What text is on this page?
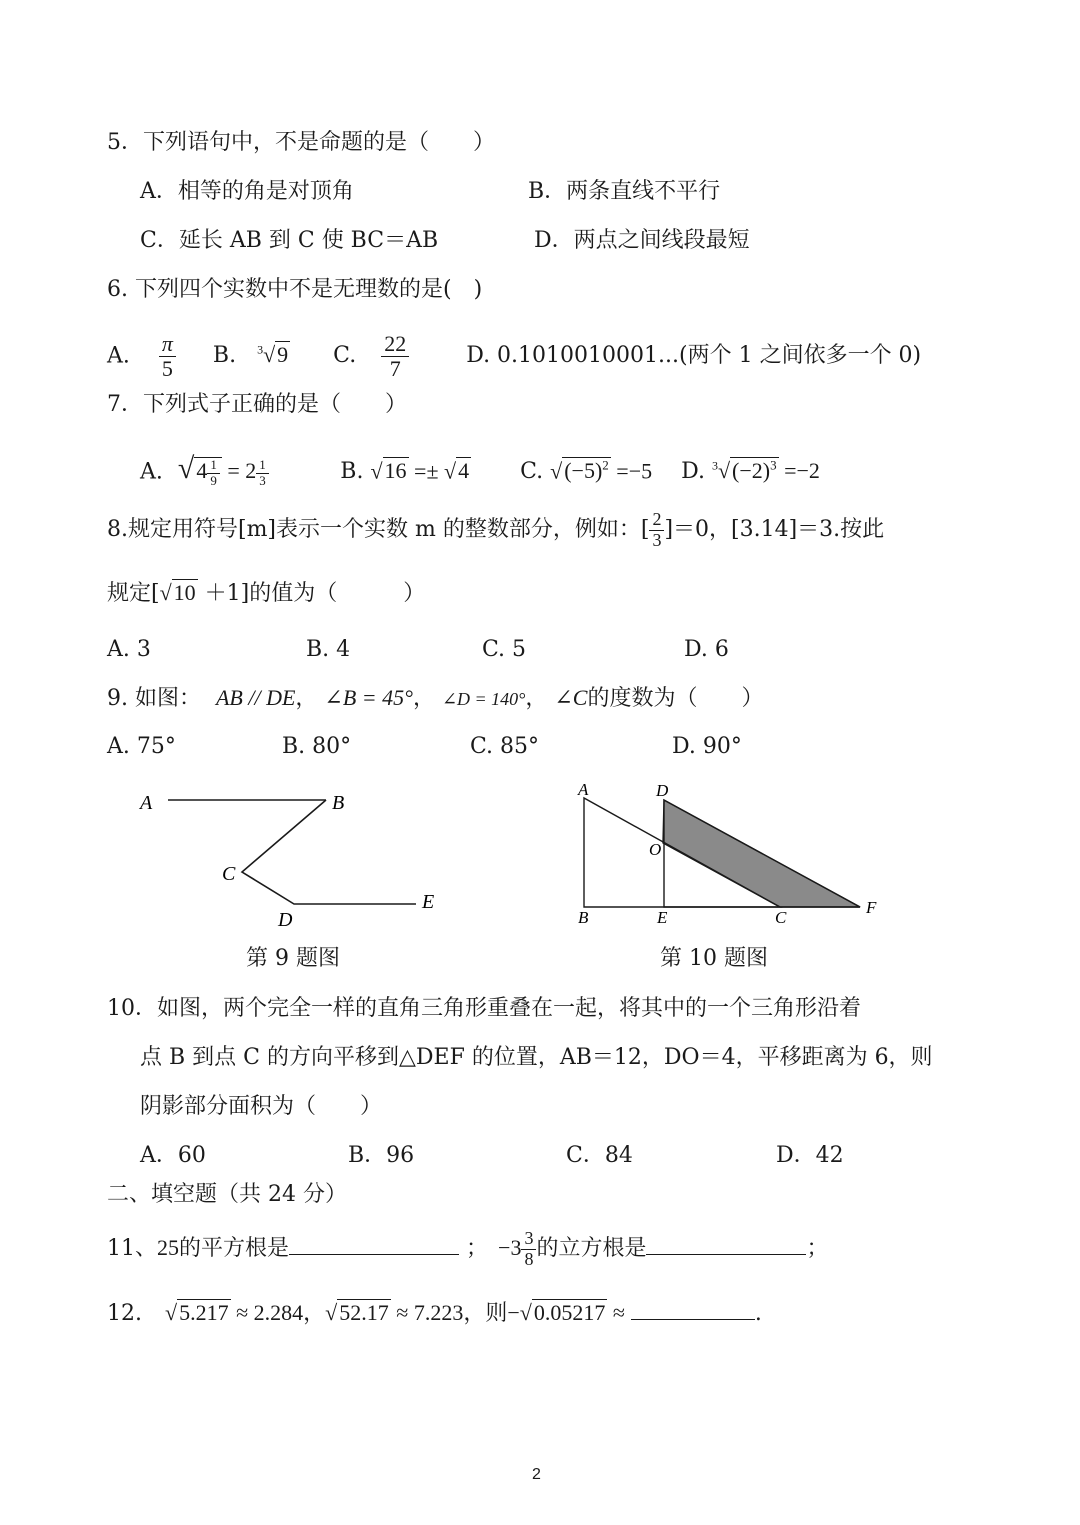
5．下列语句中，不是命题的是（　　）
A．相等的角是对顶角	B．两条直线不平行
C．延长 AB 到 C 使 BC＝AB	D．两点之间线段最短
6. 下列四个实数中不是无理数的是(　)
A. $\frac{\pi}{5} B$. $^3$√9 C. $\frac{22}{7}$	D. 0.1010010001...(两个 1 之间依多一个 0)
7．下列式子正确的是（　　）
A. $√4 \frac{1}{9} = 2 \frac{1}{3}$	B. √16 =± √4 C. $√(-5)^2 =-5$ D. $^3√(-2)^3 =-2$
8.规定用符号[m]表示一个实数 m 的整数部分，例如：[ $\frac{2}{3} ]=0$，[3.14]＝3.按此
规定[√10 ＋1]的值为（　　　）
A. 3	B. 4	C. 5	D. 6
9. 如图： AB // DE， ∠B = 45°， ∠D = 140°， ∠C的度数为（　　）
A. 75°	B. 80°	C. 85°	D. 90°
A	B
C
D
E
A	D
O
B	E	C
F
第 9 题图	第 10 题图
10．如图，两个完全一样的直角三角形重叠在一起，将其中的一个三角形沿着
点 B 到点 C 的方向平移到△DEF 的位置，AB＝12，DO＝4，平移距离为 6，则
阴影部分面积为（　　）
A．60	B．96	C．84	D．42
二、填空题（共 24 分）
11、25的平方根是	； $-3 \frac{3}{8}$ 的立方根是	；
12. √5.217 ≈ 2.284，√52.17 ≈ 7.223，则−√0.05217 ≈	.
2
